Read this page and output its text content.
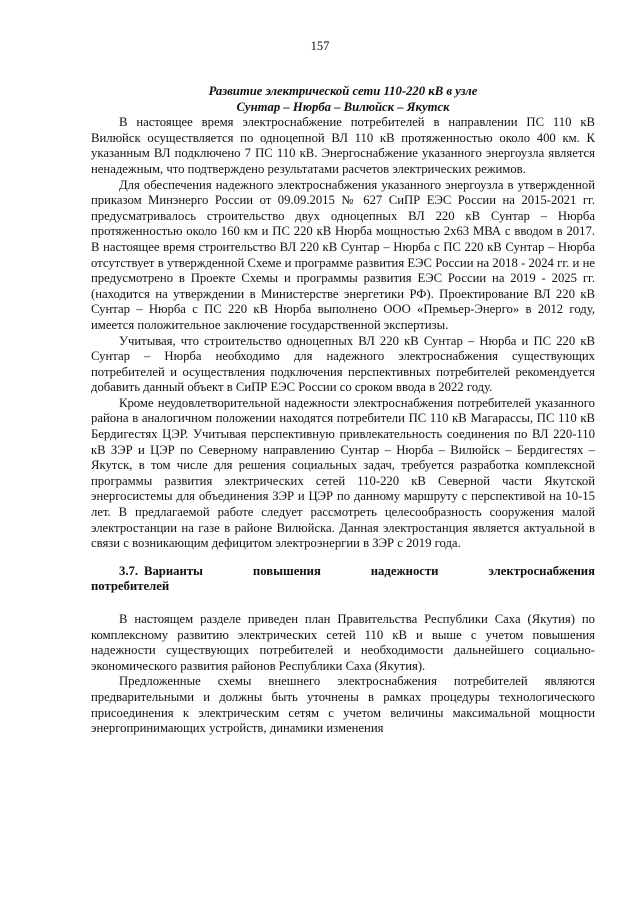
157

Развитие электрической сети 110-220 кВ в узле
Сунтар – Нюрба – Вилюйск – Якутск

В настоящее время электроснабжение потребителей в направлении ПС 110 кВ Вилюйск осуществляется по одноцепной ВЛ 110 кВ протяженностью около 400 км. К указанным ВЛ подключено 7 ПС 110 кВ. Энергоснабжение указанного энергоузла является ненадежным, что подтверждено результатами расчетов электрических режимов.

Для обеспечения надежного электроснабжения указанного энергоузла в утвержденной приказом Минэнерго России от 09.09.2015 № 627 СиПР ЕЭС России на 2015-2021 гг. предусматривалось строительство двух одноцепных ВЛ 220 кВ Сунтар – Нюрба протяженностью около 160 км и ПС 220 кВ Нюрба мощностью 2х63 МВА с вводом в 2017. В настоящее время строительство ВЛ 220 кВ Сунтар – Нюрба с ПС 220 кВ Сунтар – Нюрба отсутствует в утвержденной Схеме и программе развития ЕЭС России на 2018 - 2024 гг. и не предусмотрено в Проекте Схемы и программы развития ЕЭС России на 2019 - 2025 гг. (находится на утверждении в Министерстве энергетики РФ). Проектирование ВЛ 220 кВ Сунтар – Нюрба с ПС 220 кВ Нюрба выполнено ООО «Премьер-Энерго» в 2012 году, имеется положительное заключение государственной экспертизы.

Учитывая, что строительство одноцепных ВЛ 220 кВ Сунтар – Нюрба и ПС 220 кВ Сунтар – Нюрба необходимо для надежного электроснабжения существующих потребителей и осуществления подключения перспективных потребителей рекомендуется добавить данный объект в СиПР ЕЭС России со сроком ввода в 2022 году.

Кроме неудовлетворительной надежности электроснабжения потребителей указанного района в аналогичном положении находятся потребители ПС 110 кВ Магарассы, ПС 110 кВ Бердигестях ЦЭР. Учитывая перспективную привлекательность соединения по ВЛ 220-110 кВ ЗЭР и ЦЭР по Северному направлению Сунтар – Нюрба – Вилюйск – Бердигестях – Якутск, в том числе для решения социальных задач, требуется разработка комплексной программы развития электрических сетей 110-220 кВ Северной части Якутской энергосистемы для объединения ЗЭР и ЦЭР по данному маршруту с перспективой на 10-15 лет. В предлагаемой работе следует рассмотреть целесообразность сооружения малой электростанции на газе в районе Вилюйска. Данная электростанция является актуальной в связи с возникающим дефицитом электроэнергии в ЗЭР с 2019 года.

3.7. Варианты	повышения	надежности	электроснабжения
потребителей

В настоящем разделе приведен план Правительства Республики Саха (Якутия) по комплексному развитию электрических сетей 110 кВ и выше с учетом повышения надежности существующих потребителей и необходимости дальнейшего социально-экономического развития районов Республики Саха (Якутия).

Предложенные схемы внешнего электроснабжения потребителей являются предварительными и должны быть уточнены в рамках процедуры технологического присоединения к электрическим сетям с учетом величины максимальной мощности энергопринимающих устройств, динамики изменения
